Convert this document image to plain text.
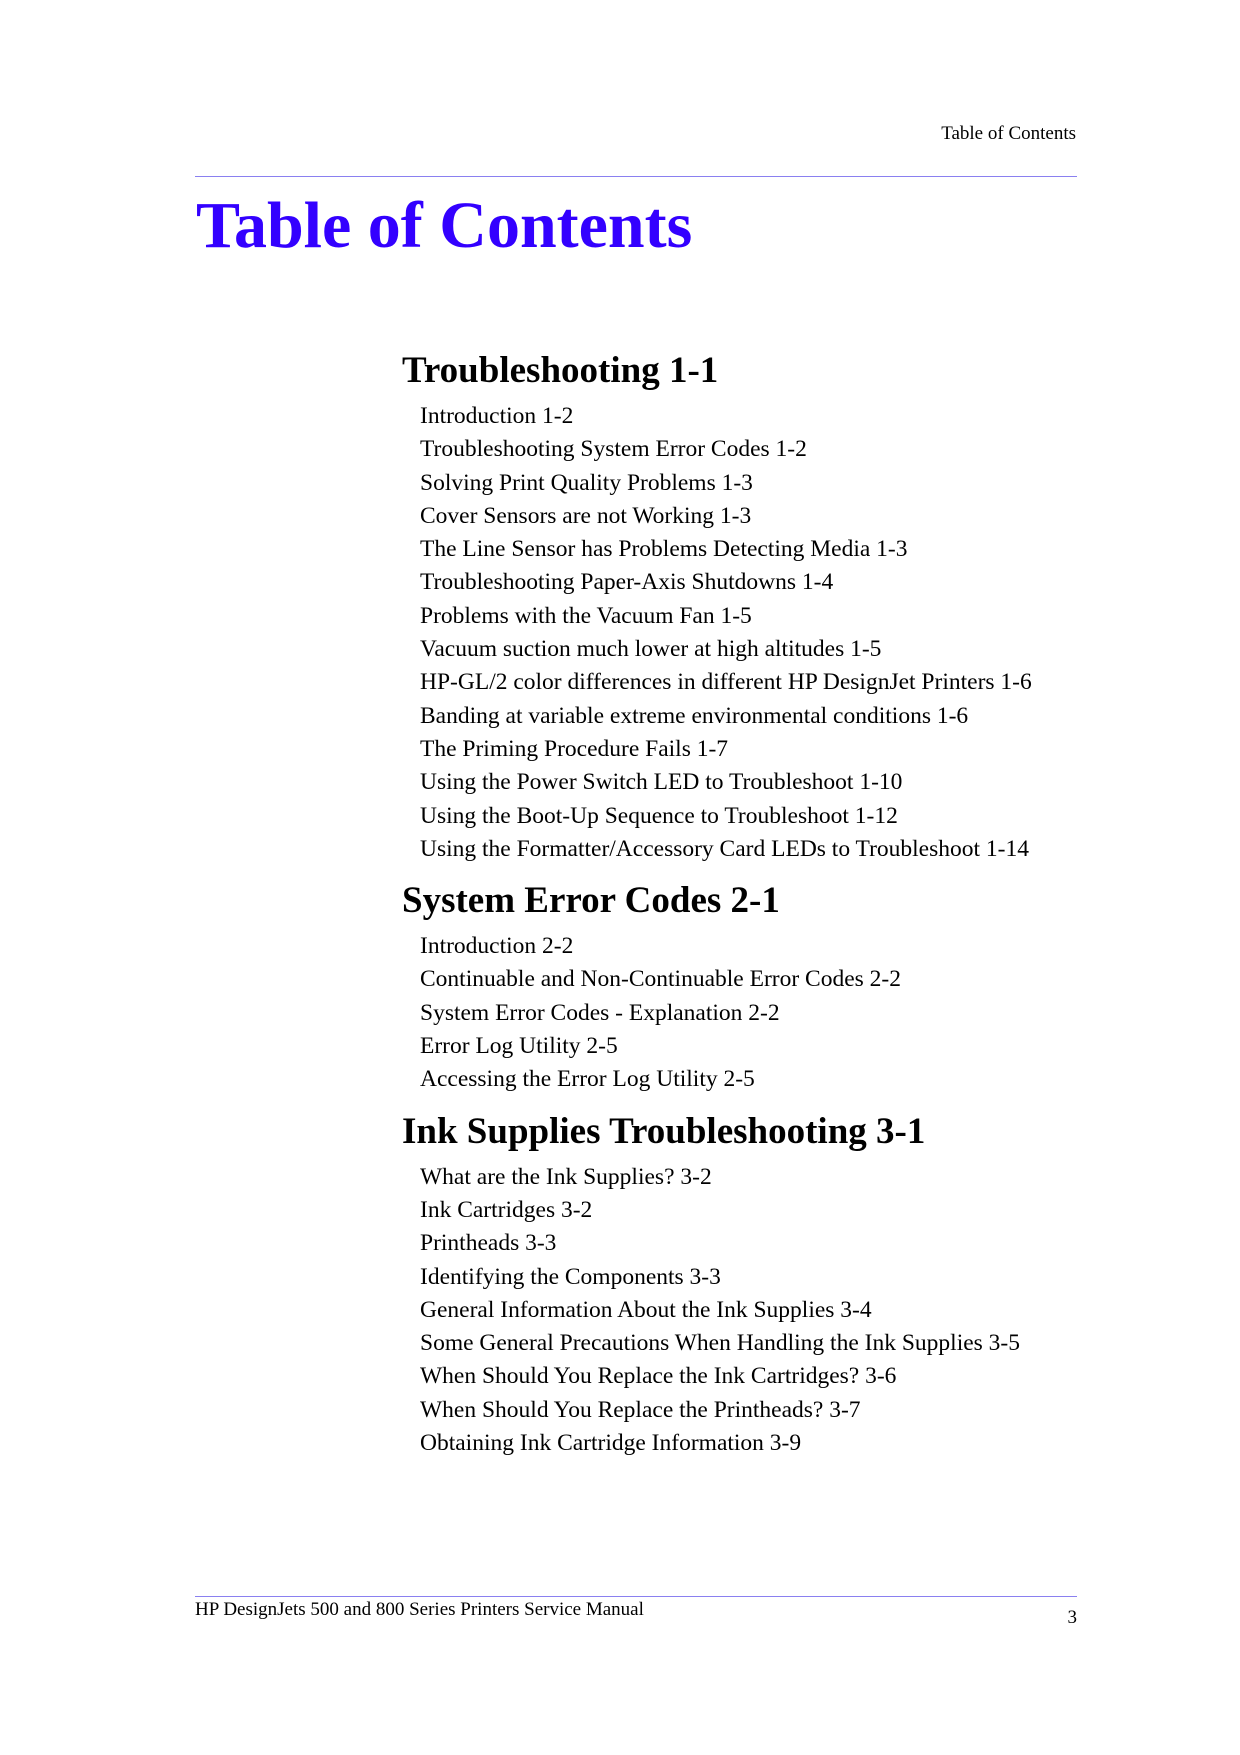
Table of Contents
Table of Contents
Troubleshooting 1-1
Introduction 1-2
Troubleshooting System Error Codes 1-2
Solving Print Quality Problems 1-3
Cover Sensors are not Working 1-3
The Line Sensor has Problems Detecting Media 1-3
Troubleshooting Paper-Axis Shutdowns 1-4
Problems with the Vacuum Fan 1-5
Vacuum suction much lower at high altitudes 1-5
HP-GL/2 color differences in different HP DesignJet Printers 1-6
Banding at variable extreme environmental conditions 1-6
The Priming Procedure Fails 1-7
Using the Power Switch LED to Troubleshoot 1-10
Using the Boot-Up Sequence to Troubleshoot 1-12
Using the Formatter/Accessory Card LEDs to Troubleshoot 1-14
System Error Codes 2-1
Introduction 2-2
Continuable and Non-Continuable Error Codes 2-2
System Error Codes - Explanation 2-2
Error Log Utility 2-5
Accessing the Error Log Utility 2-5
Ink Supplies Troubleshooting 3-1
What are the Ink Supplies? 3-2
Ink Cartridges 3-2
Printheads 3-3
Identifying the Components 3-3
General Information About the Ink Supplies 3-4
Some General Precautions When Handling the Ink Supplies 3-5
When Should You Replace the Ink Cartridges? 3-6
When Should You Replace the Printheads? 3-7
Obtaining Ink Cartridge Information 3-9
HP DesignJets 500 and 800 Series Printers Service Manual	3
